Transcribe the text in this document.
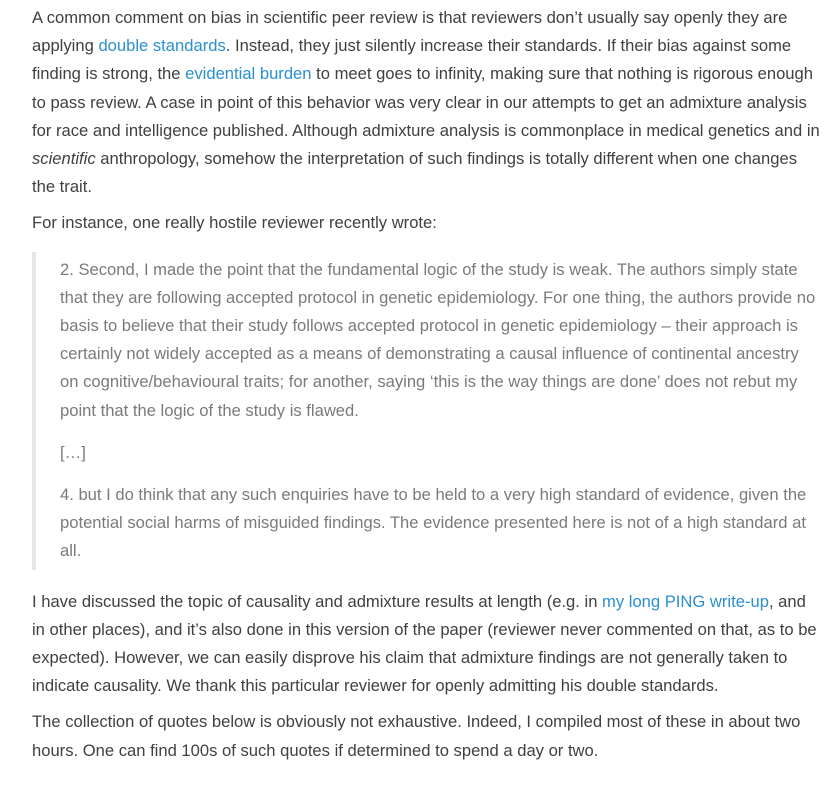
A common comment on bias in scientific peer review is that reviewers don’t usually say openly they are applying double standards. Instead, they just silently increase their standards. If their bias against some finding is strong, the evidential burden to meet goes to infinity, making sure that nothing is rigorous enough to pass review. A case in point of this behavior was very clear in our attempts to get an admixture analysis for race and intelligence published. Although admixture analysis is commonplace in medical genetics and in scientific anthropology, somehow the interpretation of such findings is totally different when one changes the trait.

For instance, one really hostile reviewer recently wrote:

2. Second, I made the point that the fundamental logic of the study is weak. The authors simply state that they are following accepted protocol in genetic epidemiology. For one thing, the authors provide no basis to believe that their study follows accepted protocol in genetic epidemiology – their approach is certainly not widely accepted as a means of demonstrating a causal influence of continental ancestry on cognitive/behavioural traits; for another, saying ‘this is the way things are done’ does not rebut my point that the logic of the study is flawed.

[…]

4. but I do think that any such enquiries have to be held to a very high standard of evidence, given the potential social harms of misguided findings. The evidence presented here is not of a high standard at all.

I have discussed the topic of causality and admixture results at length (e.g. in my long PING write-up, and in other places), and it’s also done in this version of the paper (reviewer never commented on that, as to be expected). However, we can easily disprove his claim that admixture findings are not generally taken to indicate causality. We thank this particular reviewer for openly admitting his double standards.

The collection of quotes below is obviously not exhaustive. Indeed, I compiled most of these in about two hours. One can find 100s of such quotes if determined to spend a day or two.
